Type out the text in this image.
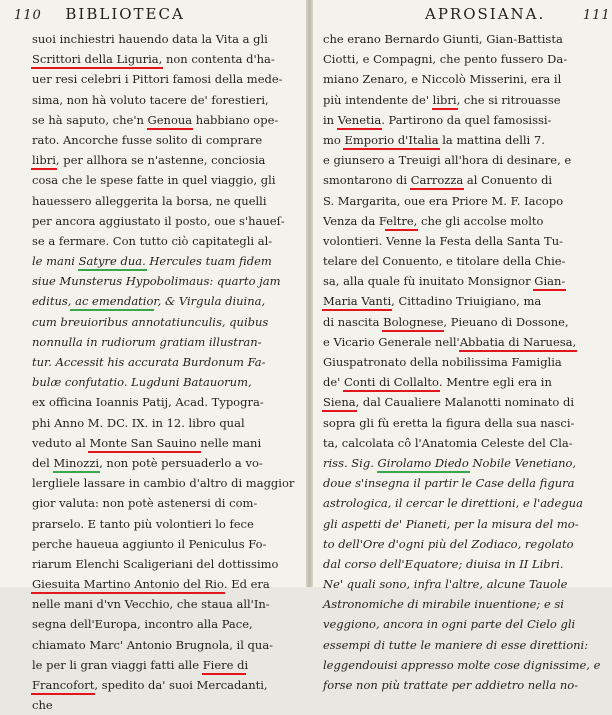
110 BIBLIOTECA
suoi inchiestri hauendo data la Vita a gli
Scrittori della Liguria, non contenta d'ha-
uer resi celebri i Pittori famosi della mede-
sima, non hà voluto tacere de' forestieri,
se hà saputo, che'n Genoua habbiano ope-
rato. Ancorche fusse solito di comprare
libri, per allhora se n'astenne, conciosia
cosa che le spese fatte in quel viaggio, gli
hauessero alleggerita la borsa, ne quelli
per ancora aggiustato il posto, oue s'haueſ-
se a fermare. Con tutto ciò capitategli al-
le mani Satyre dua. Hercules tuam fidem
siue Munsterus Hypobolimaus: quarto jam
editus, ac emendatior, & Virgula diuina,
cum breuioribus annotatiunculis, quibus
nonnulla in rudiorum gratiam illustran-
tur. Accessit his accurata Burdonum Fa-
bulæ confutatio. Lugduni Batauorum,
ex officina Ioannis Patij, Acad. Typogra-
phi Anno M. DC. IX. in 12. libro qual
veduto al Monte San Sauino nelle mani
del Minozzi, non potè persuaderlo a vo-
lergliele lassare in cambio d'altro di maggior
gior valuta: non potè astenersi di com-
prarselo. E tanto più volontieri lo fece
perche haueua aggiunto il Peniculus Fo-
riarum Elenchi Scaligeriani del dottissimo
Giesuita Martino Antonio del Rio. Ed era
nelle mani d'vn Vecchio, che staua all'In-
segna dell'Europa, incontro alla Pace,
chiamato Marc' Antonio Brugnola, il qua-
le per li gran viaggi fatti alle Fiere di
Francofort, spedito da' suoi Mercadanti,
che
APROSIANA.	111
che erano Bernardo Giunti, Gian-Battista
Ciotti, e Compagni, che pento fussero Da-
miano Zenaro, e Niccolò Misserini, era il
più intendente de' libri, che si ritrouasse
in Venetia. Partirono da quel famosissi-
mo Emporio d'Italia la mattina delli 7.
e giunsero a Treuigi all'hora di desinare, e
smontarono di Carrozza al Conuento di
S. Margarita, oue era Priore M. F. Iacopo
Venza da Feltre, che gli accolse molto
volontieri. Venne la Festa della Santa Tu-
telare del Conuento, e titolare della Chie-
sa, alla quale fù inuitato Monsignor Gian-
Maria Vanti, Cittadino Triuigiano, ma
di nascita Bolognese, Pieuano di Dossone,
e Vicario Generale nell'Abbatia di Naruesa,
Giuspatronato della nobilissima Famiglia
de' Conti di Collalto. Mentre egli era in
Siena, dal Caualiere Malanotti nominato di
sopra gli fù eretta la figura della sua nasci-
ta, calcolata cô l'Anatomia Celeste del Cla-
riss. Sig. Girolamo Diedo Nobile Venetiano,
doue s'insegna il partir le Case della figura
astrologica, il cercar le direttioni, e l'adegua
gli aspetti de' Pianeti, per la misura del mo-
to dell'Ore d'ogni più del Zodiaco, regolato
dal corso dell'Equatore; diuisa in II Libri.
Ne' quali sono, infra l'altre, alcune Tauole
Astronomiche di mirabile inuentione; e si
veggiono, ancora in ogni parte del Cielo gli
essempi di tutte le maniere di esse direttioni:
leggendouisi appresso molte cose dignissime, e
forse non più trattate per addietro nella no-
